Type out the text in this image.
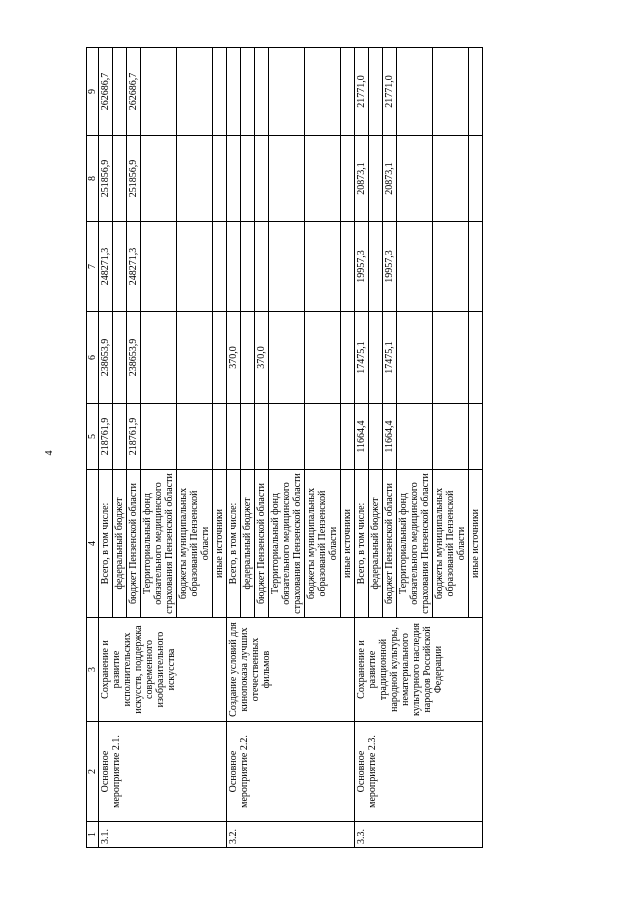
4
1	2	3	4	5	6	7	8	9
3.1.	Основное мероприятие 2.1.	Сохранение и развитие исполнительских искусств, поддержка современного изобразительного искусства	Всего, в том числе:	218761,9	238653,9	248271,3	251856,9	262686,7
			федеральный бюджет					
			бюджет Пензенской области	218761,9	238653,9	248271,3	251856,9	262686,7
			Территориальный фонд обязательного медицинского страхования Пензенской области					
			бюджеты муниципальных образований Пензенской области					
			иные источники					
3.2.	Основное мероприятие 2.2.	Создание условий для кинопоказа лучших отечественных фильмов	Всего, в том числе:		370,0			
			федеральный бюджет					
			бюджет Пензенской области		370,0			
			Территориальный фонд обязательного медицинского страхования Пензенской области					
			бюджеты муниципальных образований Пензенской области					
			иные источники					
3.3.	Основное мероприятие 2.3.	Сохранение и развитие традиционной народной культуры, нематериального культурного наследия народов Российской Федерации	Всего, в том числе:	11664,4	17475,1	19957,3	20873,1	21771,0
			федеральный бюджет					
			бюджет Пензенской области	11664,4	17475,1	19957,3	20873,1	21771,0
			Территориальный фонд обязательного медицинского страхования Пензенской области					
			бюджеты муниципальных образований Пензенской области					
			иные источники					
